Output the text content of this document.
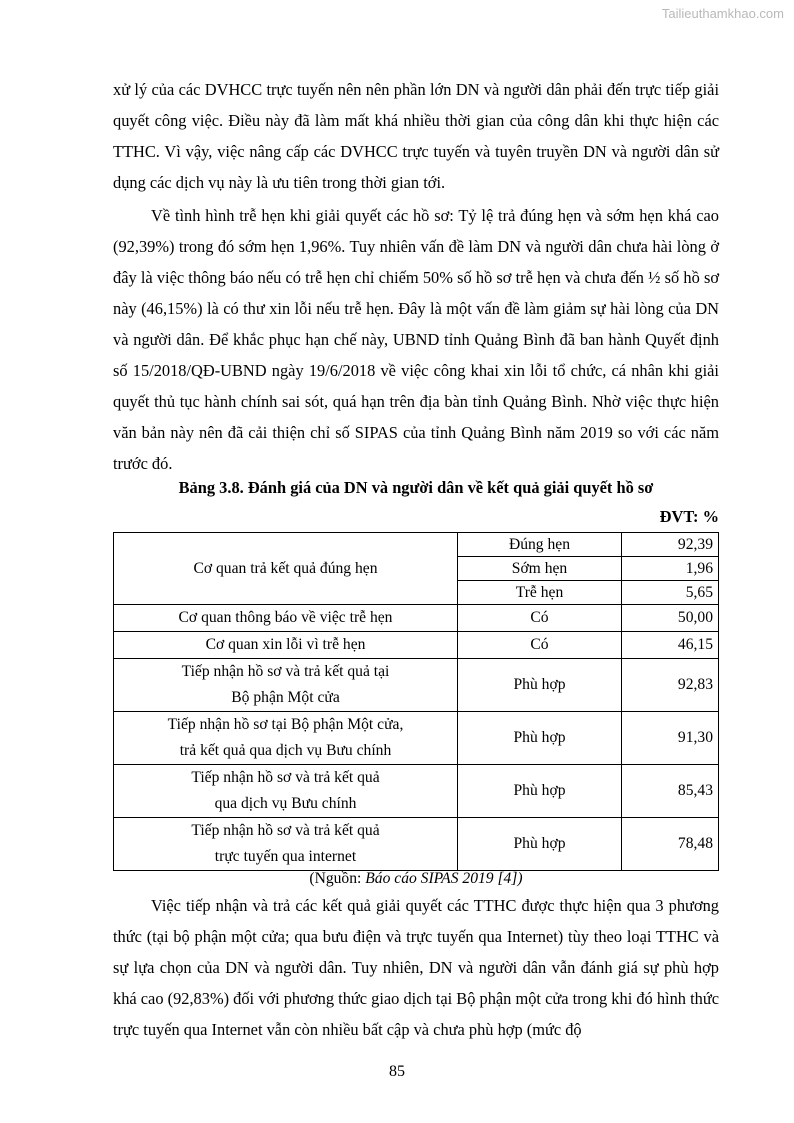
Tailieuthamkhao.com

xử lý của các DVHCC trực tuyến nên nên phần lớn DN và người dân phải đến trực tiếp giải quyết công việc. Điều này đã làm mất khá nhiều thời gian của công dân khi thực hiện các TTHC. Vì vậy, việc nâng cấp các DVHCC trực tuyến và tuyên truyền DN và người dân sử dụng các dịch vụ này là ưu tiên trong thời gian tới.

Về tình hình trễ hẹn khi giải quyết các hồ sơ: Tỷ lệ trả đúng hẹn và sớm hẹn khá cao (92,39%) trong đó sớm hẹn 1,96%. Tuy nhiên vấn đề làm DN và người dân chưa hài lòng ở đây là việc thông báo nếu có trễ hẹn chỉ chiếm 50% số hồ sơ trễ hẹn và chưa đến ½ số hồ sơ này (46,15%) là có thư xin lỗi nếu trễ hẹn. Đây là một vấn đề làm giảm sự hài lòng của DN và người dân. Để khắc phục hạn chế này, UBND tỉnh Quảng Bình đã ban hành Quyết định số 15/2018/QĐ-UBND ngày 19/6/2018 về việc công khai xin lỗi tổ chức, cá nhân khi giải quyết thủ tục hành chính sai sót, quá hạn trên địa bàn tỉnh Quảng Bình. Nhờ việc thực hiện văn bản này nên đã cải thiện chỉ số SIPAS của tỉnh Quảng Bình năm 2019 so với các năm trước đó.

Bảng 3.8. Đánh giá của DN và người dân về kết quả giải quyết hồ sơ

ĐVT: %
Cơ quan trả kết quả đúng hẹn	Đúng hẹn	92,39
	Sớm hẹn	1,96
	Trễ hẹn	5,65
Cơ quan thông báo về việc trễ hẹn	Có	50,00
Cơ quan xin lỗi vì trễ hẹn	Có	46,15
Tiếp nhận hồ sơ và trả kết quả tại
Bộ phận Một cửa	Phù hợp	92,83
Tiếp nhận hồ sơ tại Bộ phận Một cửa,
trả kết quả qua dịch vụ Bưu chính	Phù hợp	91,30
Tiếp nhận hồ sơ và trả kết quả
qua dịch vụ Bưu chính	Phù hợp	85,43
Tiếp nhận hồ sơ và trả kết quả
trực tuyến qua internet	Phù hợp	78,48
(Nguồn: Báo cáo SIPAS 2019 [4])

Việc tiếp nhận và trả các kết quả giải quyết các TTHC được thực hiện qua 3 phương thức (tại bộ phận một cửa; qua bưu điện và trực tuyến qua Internet) tùy theo loại TTHC và sự lựa chọn của DN và người dân. Tuy nhiên, DN và người dân vẫn đánh giá sự phù hợp khá cao (92,83%) đối với phương thức giao dịch tại Bộ phận một cửa trong khi đó hình thức trực tuyến qua Internet vẫn còn nhiều bất cập và chưa phù hợp (mức độ

85
